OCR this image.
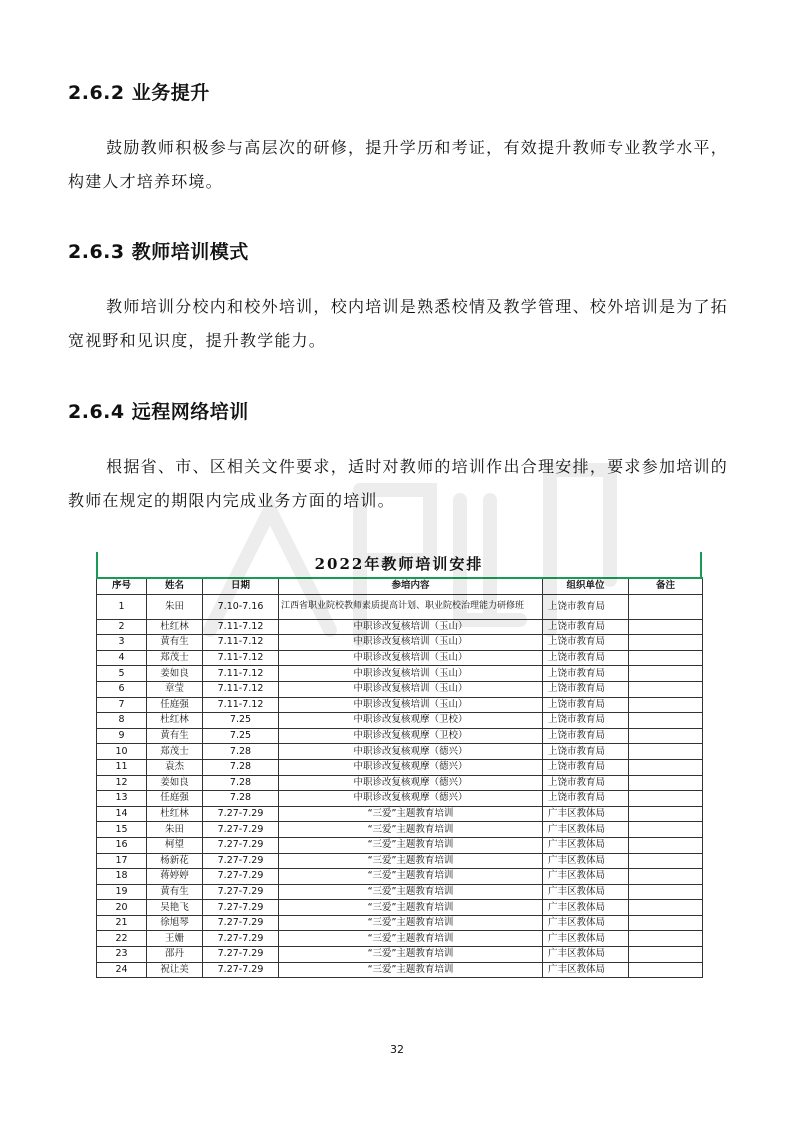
2.6.2 业务提升

鼓励教师积极参与高层次的研修，提升学历和考证，有效提升教师专业教学水平，构建人才培养环境。

2.6.3 教师培训模式

教师培训分校内和校外培训，校内培训是熟悉校情及教学管理、校外培训是为了拓宽视野和见识度，提升教学能力。

2.6.4 远程网络培训

根据省、市、区相关文件要求，适时对教师的培训作出合理安排，要求参加培训的教师在规定的期限内完成业务方面的培训。

2022年教师培训安排
序号	姓名	日期	参培内容	组织单位	备注
1	朱田	7.10-7.16	江西省职业院校教师素质提高计划、职业院校治理能力研修班	上饶市教育局	
2	杜红林	7.11-7.12	中职诊改复核培训（玉山）	上饶市教育局	
3	黄有生	7.11-7.12	中职诊改复核培训（玉山）	上饶市教育局	
4	郑茂士	7.11-7.12	中职诊改复核培训（玉山）	上饶市教育局	
5	姜如良	7.11-7.12	中职诊改复核培训（玉山）	上饶市教育局	
6	章莹	7.11-7.12	中职诊改复核培训（玉山）	上饶市教育局	
7	任庭强	7.11-7.12	中职诊改复核培训（玉山）	上饶市教育局	
8	杜红林	7.25	中职诊改复核观摩（卫校）	上饶市教育局	
9	黄有生	7.25	中职诊改复核观摩（卫校）	上饶市教育局	
10	郑茂士	7.28	中职诊改复核观摩（德兴）	上饶市教育局	
11	袁杰	7.28	中职诊改复核观摩（德兴）	上饶市教育局	
12	姜如良	7.28	中职诊改复核观摩（德兴）	上饶市教育局	
13	任庭强	7.28	中职诊改复核观摩（德兴）	上饶市教育局	
14	杜红林	7.27-7.29	“三爱”主题教育培训	广丰区教体局	
15	朱田	7.27-7.29	“三爱”主题教育培训	广丰区教体局	
16	柯望	7.27-7.29	“三爱”主题教育培训	广丰区教体局	
17	杨新花	7.27-7.29	“三爱”主题教育培训	广丰区教体局	
18	蒋婷婷	7.27-7.29	“三爱”主题教育培训	广丰区教体局	
19	黄有生	7.27-7.29	“三爱”主题教育培训	广丰区教体局	
20	吴艳飞	7.27-7.29	“三爱”主题教育培训	广丰区教体局	
21	徐旭琴	7.27-7.29	“三爱”主题教育培训	广丰区教体局	
22	王姗	7.27-7.29	“三爱”主题教育培训	广丰区教体局	
23	邵丹	7.27-7.29	“三爱”主题教育培训	广丰区教体局	
24	祝让美	7.27-7.29	“三爱”主题教育培训	广丰区教体局	
32
